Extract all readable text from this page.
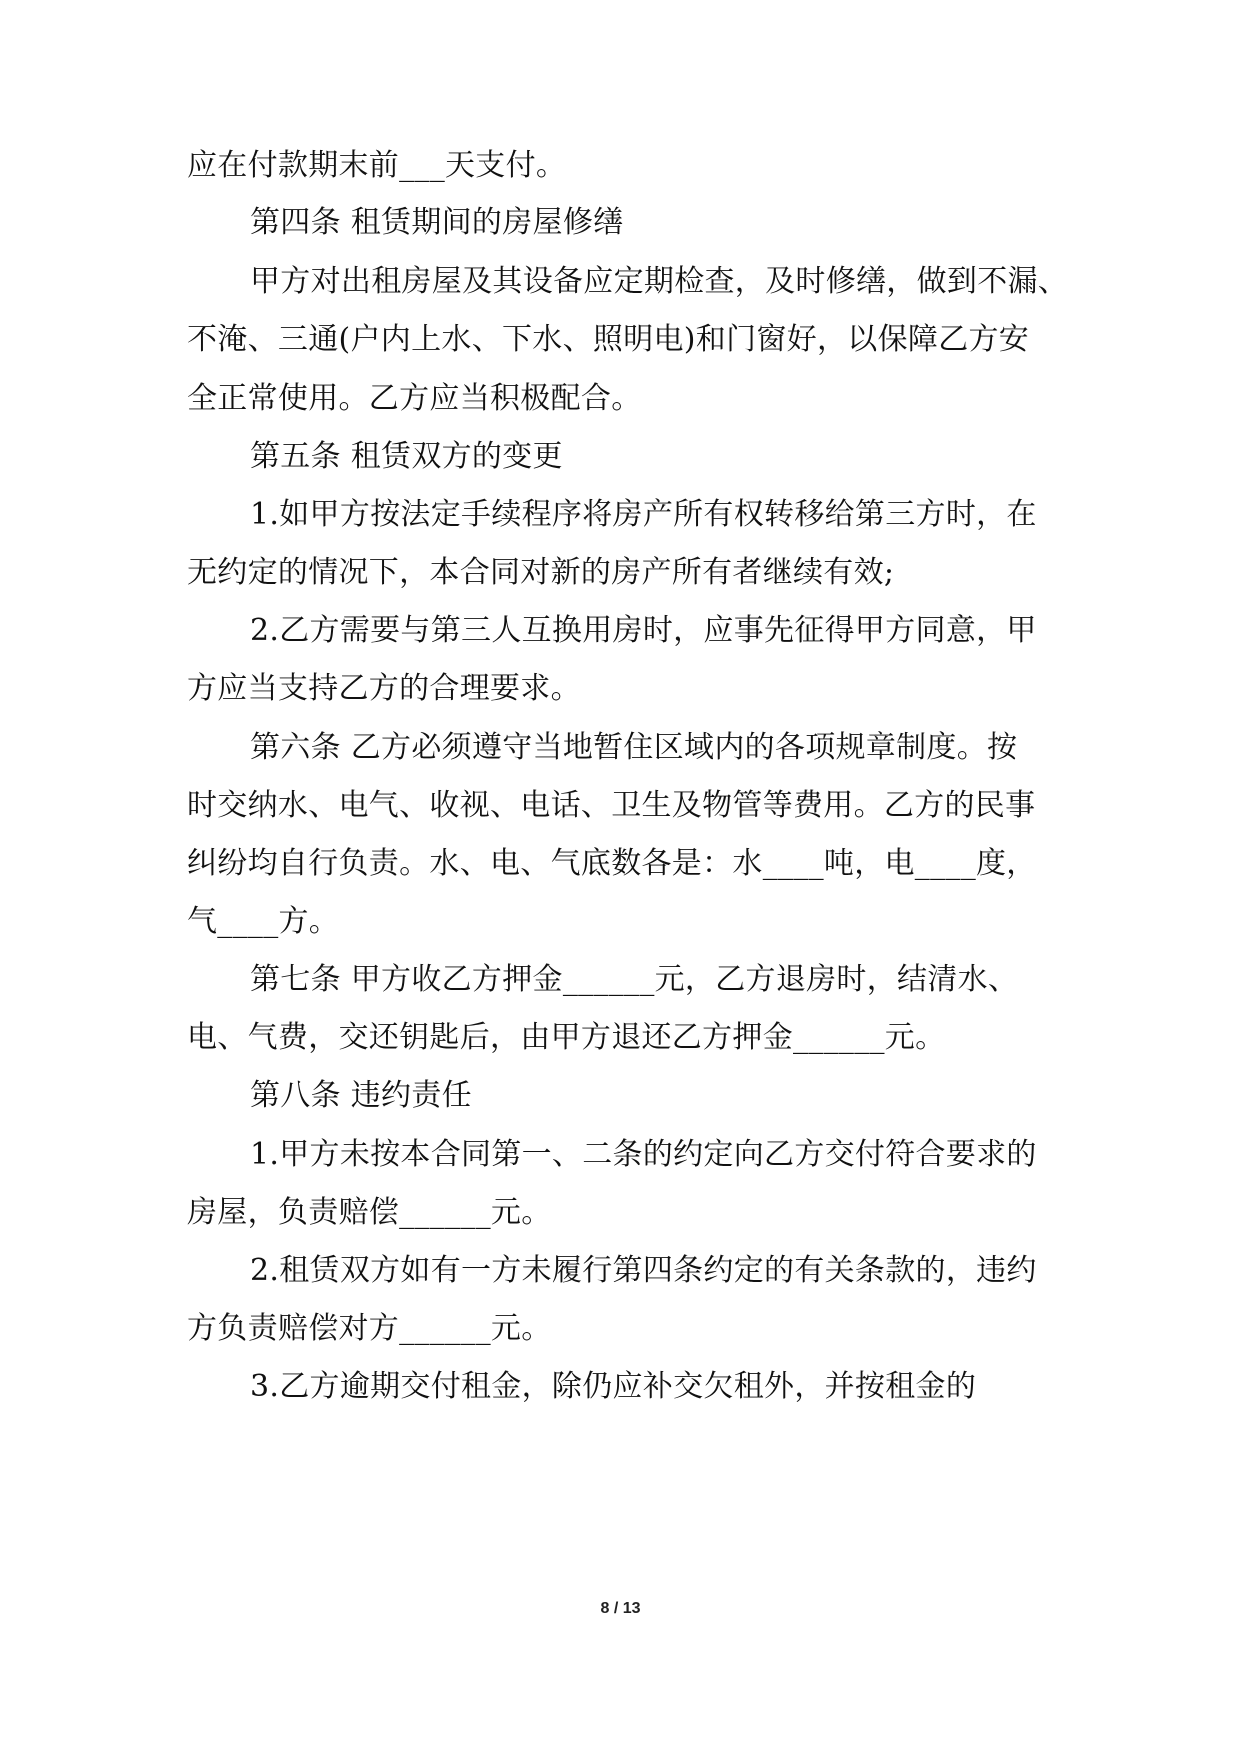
应在付款期末前___天支付。
第四条 租赁期间的房屋修缮
甲方对出租房屋及其设备应定期检查，及时修缮，做到不漏、
不淹、三通(户内上水、下水、照明电)和门窗好，以保障乙方安
全正常使用。乙方应当积极配合。
第五条 租赁双方的变更
1.如甲方按法定手续程序将房产所有权转移给第三方时，在
无约定的情况下，本合同对新的房产所有者继续有效;
2.乙方需要与第三人互换用房时，应事先征得甲方同意，甲
方应当支持乙方的合理要求。
第六条 乙方必须遵守当地暂住区域内的各项规章制度。按
时交纳水、电气、收视、电话、卫生及物管等费用。乙方的民事
纠纷均自行负责。水、电、气底数各是：水____吨，电____度，
气____方。
第七条 甲方收乙方押金______元，乙方退房时，结清水、
电、气费，交还钥匙后，由甲方退还乙方押金______元。
第八条 违约责任
1.甲方未按本合同第一、二条的约定向乙方交付符合要求的
房屋，负责赔偿______元。
2.租赁双方如有一方未履行第四条约定的有关条款的，违约
方负责赔偿对方______元。
3.乙方逾期交付租金，除仍应补交欠租外，并按租金的
8 / 13
